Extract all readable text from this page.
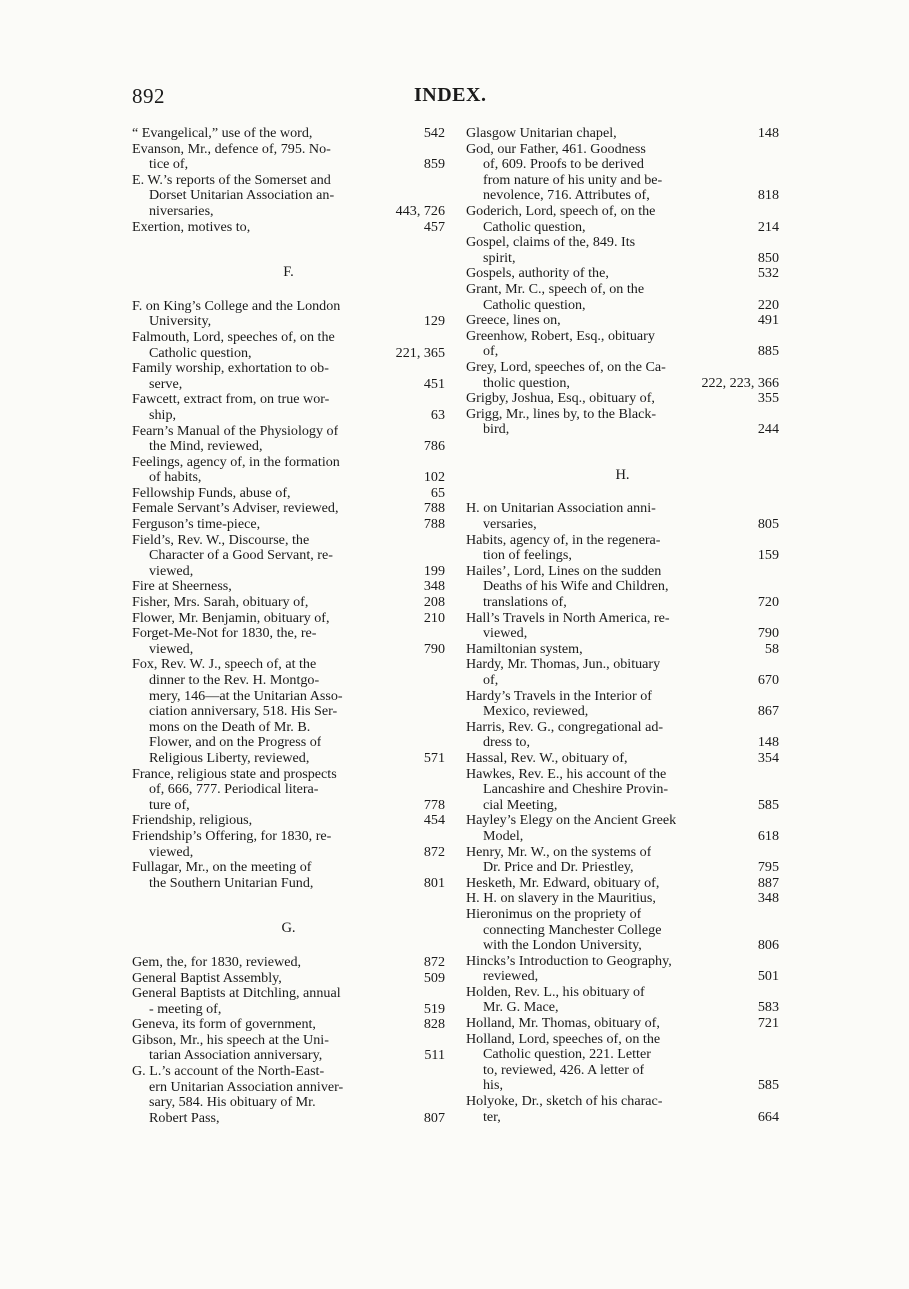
892	INDEX.
“ Evangelical,” use of the word,	542
Evanson, Mr., defence of, 795. No-
tice of,	859
E. W.’s reports of the Somerset and
Dorset Unitarian Association an-
niversaries,	443, 726
Exertion, motives to,	457
F.
F. on King’s College and the London
University,	129
Falmouth, Lord, speeches of, on the
Catholic question,	221, 365
Family worship, exhortation to ob-
serve,	451
Fawcett, extract from, on true wor-
ship,	63
Fearn’s Manual of the Physiology of
the Mind, reviewed,	786
Feelings, agency of, in the formation
of habits,	102
Fellowship Funds, abuse of,	65
Female Servant’s Adviser, reviewed,	788
Ferguson’s time-piece,	788
Field’s, Rev. W., Discourse, the
Character of a Good Servant, re-
viewed,	199
Fire at Sheerness,	348
Fisher, Mrs. Sarah, obituary of,	208
Flower, Mr. Benjamin, obituary of,	210
Forget-Me-Not for 1830, the, re-
viewed,	790
Fox, Rev. W. J., speech of, at the
dinner to the Rev. H. Montgo-
mery, 146—at the Unitarian Asso-
ciation anniversary, 518. His Ser-
mons on the Death of Mr. B.
Flower, and on the Progress of
Religious Liberty, reviewed,	571
France, religious state and prospects
of, 666, 777. Periodical litera-
ture of,	778
Friendship, religious,	454
Friendship’s Offering, for 1830, re-
viewed,	872
Fullagar, Mr., on the meeting of
the Southern Unitarian Fund,	801
G.
Gem, the, for 1830, reviewed,	872
General Baptist Assembly,	509
General Baptists at Ditchling, annual
- meeting of,	519
Geneva, its form of government,	828
Gibson, Mr., his speech at the Uni-
tarian Association anniversary,	511
G. L.’s account of the North-East-
ern Unitarian Association anniver-
sary, 584. His obituary of Mr.
Robert Pass,	807
Glasgow Unitarian chapel,	148
God, our Father, 461. Goodness
of, 609. Proofs to be derived
from nature of his unity and be-
nevolence, 716. Attributes of,	818
Goderich, Lord, speech of, on the
Catholic question,	214
Gospel, claims of the, 849. Its
spirit,	850
Gospels, authority of the,	532
Grant, Mr. C., speech of, on the
Catholic question,	220
Greece, lines on,	491
Greenhow, Robert, Esq., obituary
of,	885
Grey, Lord, speeches of, on the Ca-
tholic question,	222, 223, 366
Grigby, Joshua, Esq., obituary of,	355
Grigg, Mr., lines by, to the Black-
bird,	244
H.
H. on Unitarian Association anni-
versaries,	805
Habits, agency of, in the regenera-
tion of feelings,	159
Hailes’, Lord, Lines on the sudden
Deaths of his Wife and Children,
translations of,	720
Hall’s Travels in North America, re-
viewed,	790
Hamiltonian system,	58
Hardy, Mr. Thomas, Jun., obituary
of,	670
Hardy’s Travels in the Interior of
Mexico, reviewed,	867
Harris, Rev. G., congregational ad-
dress to,	148
Hassal, Rev. W., obituary of,	354
Hawkes, Rev. E., his account of the
Lancashire and Cheshire Provin-
cial Meeting,	585
Hayley’s Elegy on the Ancient Greek
Model,	618
Henry, Mr. W., on the systems of
Dr. Price and Dr. Priestley,	795
Hesketh, Mr. Edward, obituary of,	887
H. H. on slavery in the Mauritius,	348
Hieronimus on the propriety of
connecting Manchester College
with the London University,	806
Hincks’s Introduction to Geography,
reviewed,	501
Holden, Rev. L., his obituary of
Mr. G. Mace,	583
Holland, Mr. Thomas, obituary of,	721
Holland, Lord, speeches of, on the
Catholic question, 221. Letter
to, reviewed, 426. A letter of
his,	585
Holyoke, Dr., sketch of his charac-
ter,	664
